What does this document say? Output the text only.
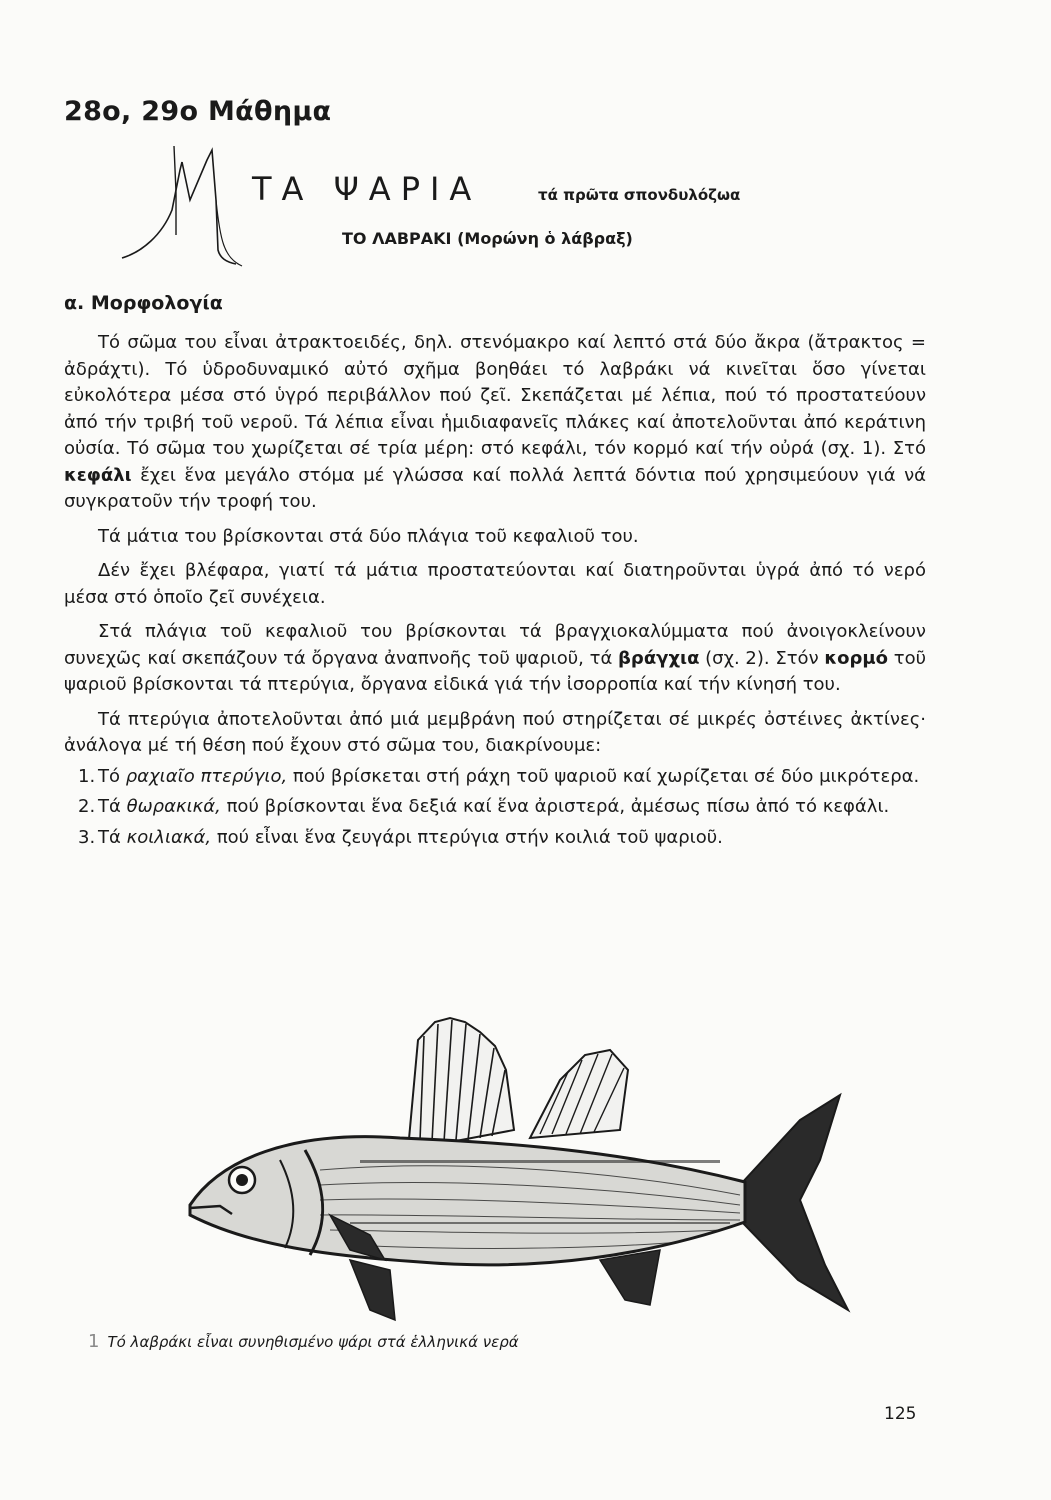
28ο, 29ο Μάθημα
ΤΑ ΨΑΡΙΑ	τά πρῶτα σπονδυλόζωα
ΤΟ ΛΑΒΡΑΚΙ (Μορώνη ὁ λάβραξ)
α. Μορφολογία

Τό σῶμα του εἶναι ἀτρακτοειδές, δηλ. στενόμακρο καί λεπτό στά δύο ἄκρα (ἄτρακτος = ἀδράχτι). Τό ὑδροδυναμικό αὐτό σχῆμα βοηθάει τό λαβράκι νά κινεῖται ὅσο γίνεται εὐκολότερα μέσα στό ὑγρό περιβάλλον πού ζεῖ. Σκεπάζεται μέ λέπια, πού τό προστατεύουν ἀπό τήν τριβή τοῦ νεροῦ. Τά λέπια εἶναι ἡμιδιαφανεῖς πλάκες καί ἀποτελοῦνται ἀπό κεράτινη οὐσία. Τό σῶμα του χωρίζεται σέ τρία μέρη: στό κεφάλι, τόν κορμό καί τήν οὐρά (σχ. 1). Στό κεφάλι ἔχει ἕνα μεγάλο στόμα μέ γλώσσα καί πολλά λεπτά δόντια πού χρησιμεύουν γιά νά συγκρατοῦν τήν τροφή του.

Τά μάτια του βρίσκονται στά δύο πλάγια τοῦ κεφαλιοῦ του.

Δέν ἔχει βλέφαρα, γιατί τά μάτια προστατεύονται καί διατηροῦνται ὑγρά ἀπό τό νερό μέσα στό ὁποῖο ζεῖ συνέχεια.

Στά πλάγια τοῦ κεφαλιοῦ του βρίσκονται τά βραγχιοκαλύμματα πού ἀνοιγοκλείνουν συνεχῶς καί σκεπάζουν τά ὄργανα ἀναπνοῆς τοῦ ψαριοῦ, τά βράγχια (σχ. 2). Στόν κορμό τοῦ ψαριοῦ βρίσκονται τά πτερύγια, ὄργανα εἰδικά γιά τήν ἰσορροπία καί τήν κίνησή του.

Τά πτερύγια ἀποτελοῦνται ἀπό μιά μεμβράνη πού στηρίζεται σέ μικρές ὀστέινες ἀκτίνες· ἀνάλογα μέ τή θέση πού ἔχουν στό σῶμα του, διακρίνουμε:

1. Τό ραχιαῖο πτερύγιο, πού βρίσκεται στή ράχη τοῦ ψαριοῦ καί χωρίζεται σέ δύο μικρότερα.
2. Τά θωρακικά, πού βρίσκονται ἕνα δεξιά καί ἕνα ἀριστερά, ἀμέσως πίσω ἀπό τό κεφάλι.
3. Τά κοιλιακά, πού εἶναι ἕνα ζευγάρι πτερύγια στήν κοιλιά τοῦ ψαριοῦ.
1 Τό λαβράκι εἶναι συνηθισμένο ψάρι στά ἑλληνικά νερά
125
